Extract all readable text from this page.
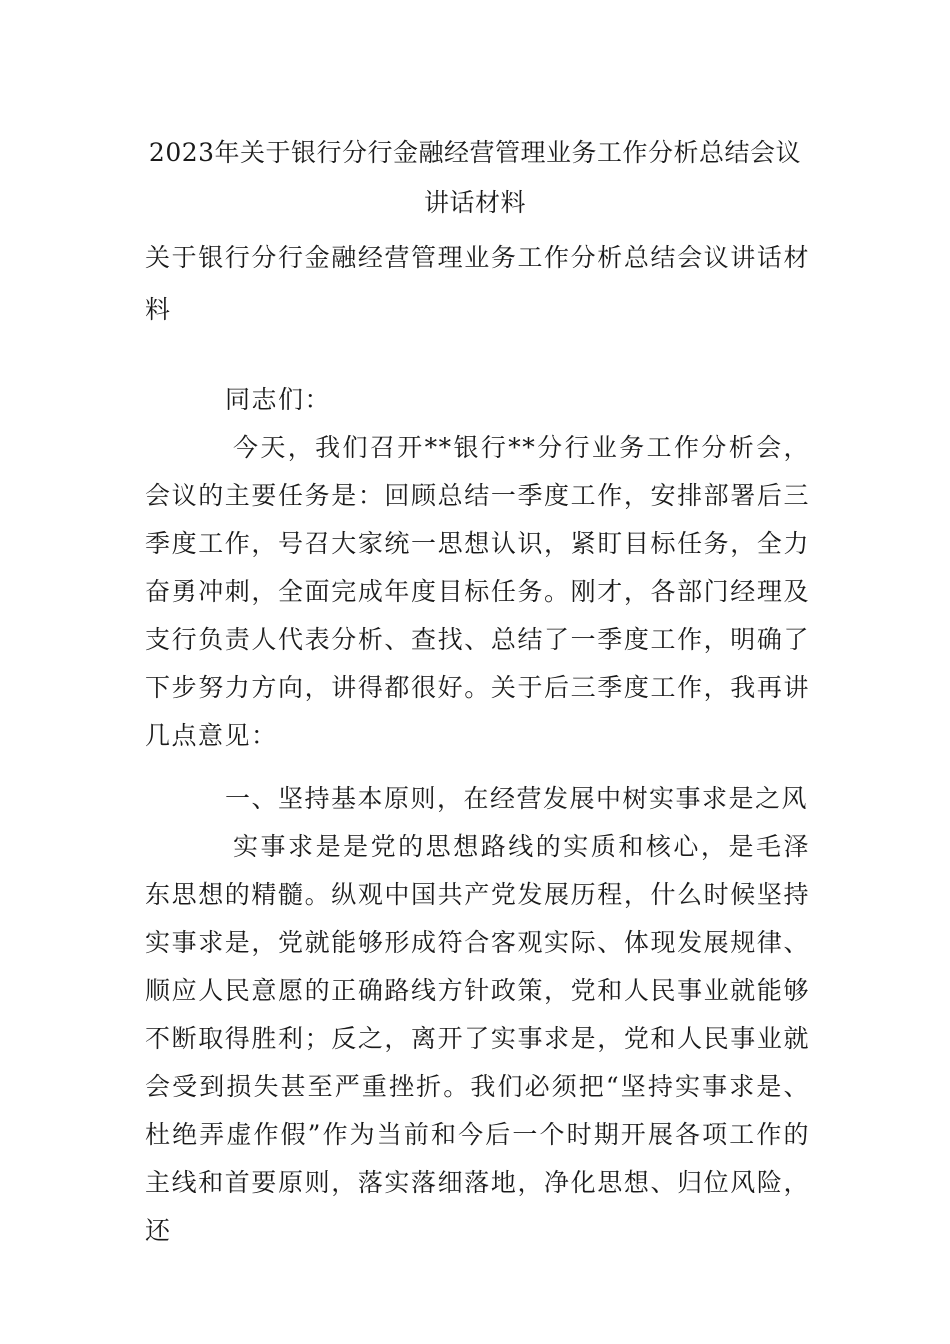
2023年关于银行分行金融经营管理业务工作分析总结会议讲话材料

关于银行分行金融经营管理业务工作分析总结会议讲话材料

同志们：

今天，我们召开**银行**分行业务工作分析会，会议的主要任务是：回顾总结一季度工作，安排部署后三季度工作，号召大家统一思想认识，紧盯目标任务，全力奋勇冲刺，全面完成年度目标任务。刚才，各部门经理及支行负责人代表分析、查找、总结了一季度工作，明确了下步努力方向，讲得都很好。关于后三季度工作，我再讲几点意见：

一、坚持基本原则，在经营发展中树实事求是之风

实事求是是党的思想路线的实质和核心，是毛泽东思想的精髓。纵观中国共产党发展历程，什么时候坚持实事求是，党就能够形成符合客观实际、体现发展规律、顺应人民意愿的正确路线方针政策，党和人民事业就能够不断取得胜利；反之，离开了实事求是，党和人民事业就会受到损失甚至严重挫折。我们必须把“坚持实事求是、杜绝弄虚作假”作为当前和今后一个时期开展各项工作的主线和首要原则，落实落细落地，净化思想、归位风险，还
